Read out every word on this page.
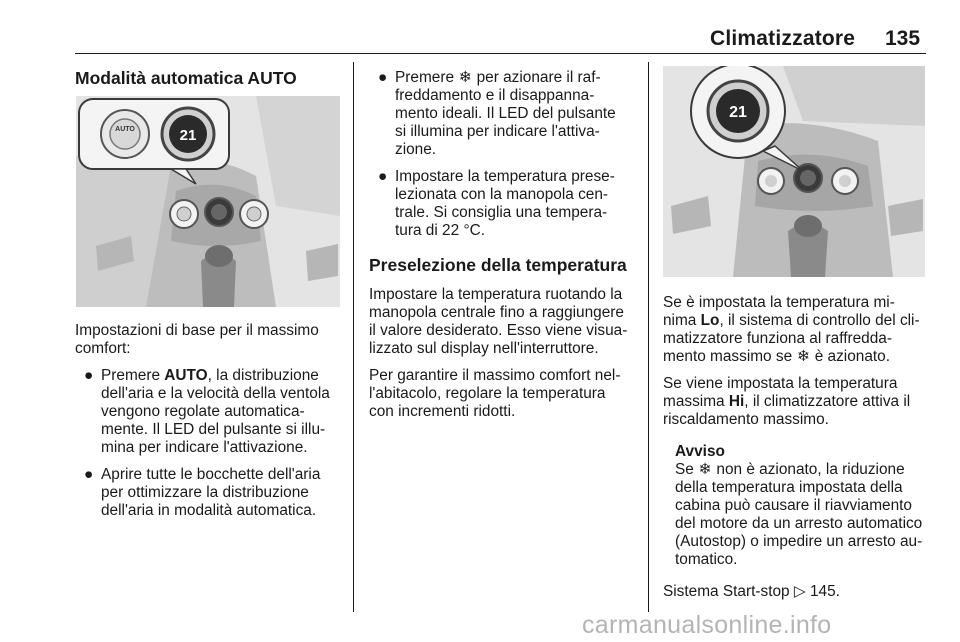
Climatizzatore 135

Modalità automatica AUTO

AUTO	21

Impostazioni di base per il massimo
comfort:

● Premere AUTO, la distribuzione
dell'aria e la velocità della ventola
vengono regolate automatica-
mente. Il LED del pulsante si illu-
mina per indicare l'attivazione.

● Aprire tutte le bocchette dell'aria
per ottimizzare la distribuzione
dell'aria in modalità automatica.

● Premere ❄ per azionare il raf-
freddamento e il disappanna-
mento ideali. Il LED del pulsante
si illumina per indicare l'attiva-
zione.

● Impostare la temperatura prese-
lezionata con la manopola cen-
trale. Si consiglia una tempera-
tura di 22 °C.

Preselezione della temperatura

Impostare la temperatura ruotando la
manopola centrale fino a raggiungere
il valore desiderato. Esso viene visua-
lizzato sul display nell'interruttore.

Per garantire il massimo comfort nel-
l'abitacolo, regolare la temperatura
con incrementi ridotti.

21

Se è impostata la temperatura mi-
nima Lo, il sistema di controllo del cli-
matizzatore funziona al raffredda-
mento massimo se ❄ è azionato.

Se viene impostata la temperatura
massima Hi, il climatizzatore attiva il
riscaldamento massimo.

Avviso
Se ❄ non è azionato, la riduzione
della temperatura impostata della
cabina può causare il riavviamento
del motore da un arresto automatico
(Autostop) o impedire un arresto au-
tomatico.

Sistema Start-stop ▷ 145.

carmanualsonline.info
